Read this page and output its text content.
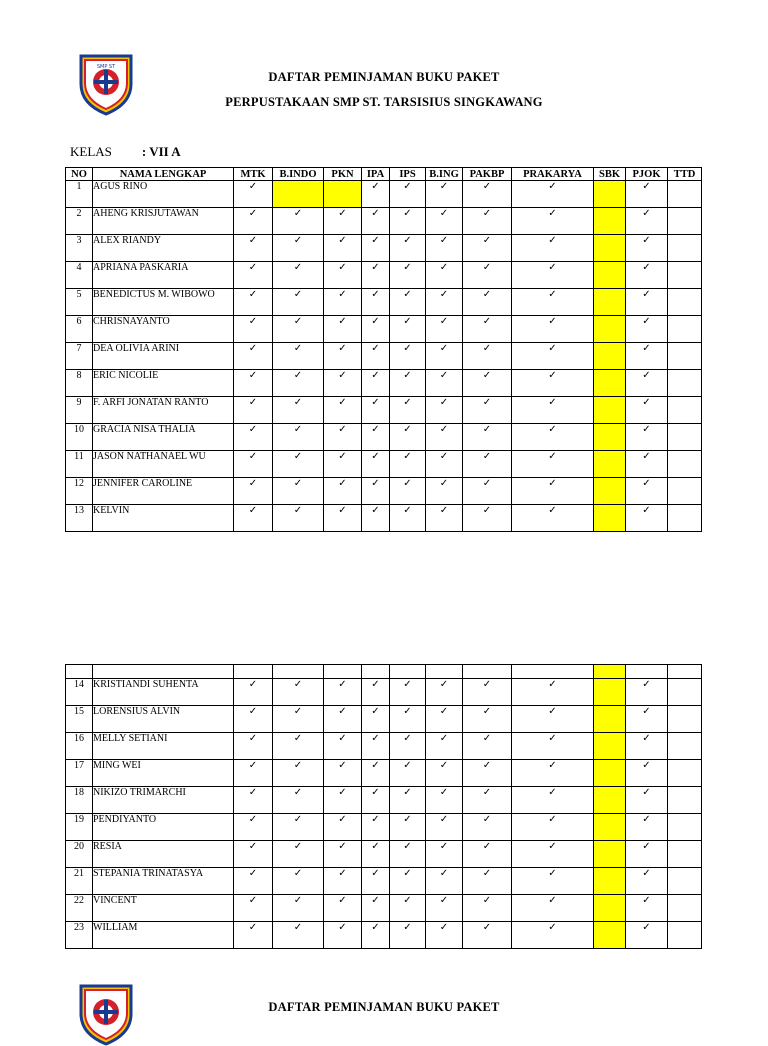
SMP ST
DAFTAR PEMINJAMAN BUKU PAKET
PERPUSTAKAAN SMP ST. TARSISIUS SINGKAWANG
KELAS : VII A
NO	NAMA LENGKAP	MTK	B.INDO	PKN	IPA	IPS	B.ING	PAKBP	PRAKARYA	SBK	PJOK	TTD
1	AGUS RINO	✓			✓	✓	✓	✓	✓		✓	
2	AHENG KRISJUTAWAN	✓	✓	✓	✓	✓	✓	✓	✓		✓	
3	ALEX RIANDY	✓	✓	✓	✓	✓	✓	✓	✓		✓	
4	APRIANA PASKARIA	✓	✓	✓	✓	✓	✓	✓	✓		✓	
5	BENEDICTUS M. WIBOWO	✓	✓	✓	✓	✓	✓	✓	✓		✓	
6	CHRISNAYANTO	✓	✓	✓	✓	✓	✓	✓	✓		✓	
7	DEA OLIVIA ARINI	✓	✓	✓	✓	✓	✓	✓	✓		✓	
8	ERIC NICOLIE	✓	✓	✓	✓	✓	✓	✓	✓		✓	
9	F. ARFI JONATAN RANTO	✓	✓	✓	✓	✓	✓	✓	✓		✓	
10	GRACIA NISA THALIA	✓	✓	✓	✓	✓	✓	✓	✓		✓	
11	JASON NATHANAEL WU	✓	✓	✓	✓	✓	✓	✓	✓		✓	
12	JENNIFER CAROLINE	✓	✓	✓	✓	✓	✓	✓	✓		✓	
13	KELVIN	✓	✓	✓	✓	✓	✓	✓	✓		✓	

14	KRISTIANDI SUHENTA	✓	✓	✓	✓	✓	✓	✓	✓		✓	
15	LORENSIUS ALVIN	✓	✓	✓	✓	✓	✓	✓	✓		✓	
16	MELLY SETIANI	✓	✓	✓	✓	✓	✓	✓	✓		✓	
17	MING WEI	✓	✓	✓	✓	✓	✓	✓	✓		✓	
18	NIKIZO TRIMARCHI	✓	✓	✓	✓	✓	✓	✓	✓		✓	
19	PENDIYANTO	✓	✓	✓	✓	✓	✓	✓	✓		✓	
20	RESIA	✓	✓	✓	✓	✓	✓	✓	✓		✓	
21	STEPANIA TRINATASYA	✓	✓	✓	✓	✓	✓	✓	✓		✓	
22	VINCENT	✓	✓	✓	✓	✓	✓	✓	✓		✓	
23	WILLIAM	✓	✓	✓	✓	✓	✓	✓	✓		✓	
DAFTAR PEMINJAMAN BUKU PAKET
